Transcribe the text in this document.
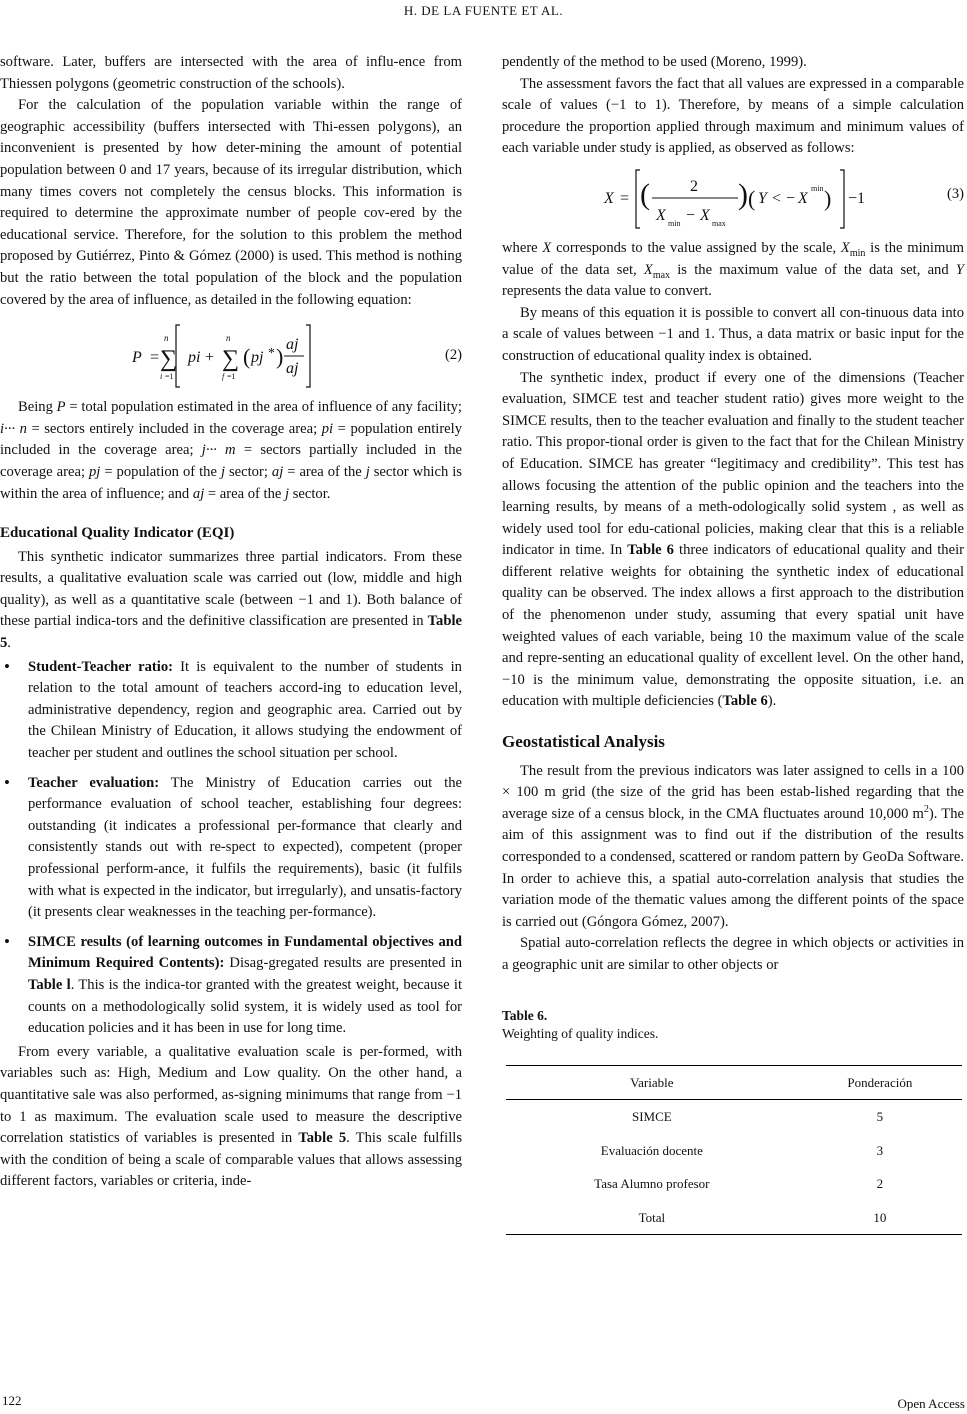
H. DE LA FUENTE ET AL.

software. Later, buffers are intersected with the area of influ-ence from Thiessen polygons (geometric construction of the schools).

For the calculation of the population variable within the range of geographic accessibility (buffers intersected with Thi-essen polygons), an inconvenient is presented by how deter-mining the amount of potential population between 0 and 17 years, because of its irregular distribution, which many times covers not completely the census blocks. This information is required to determine the approximate number of people cov-ered by the educational service. Therefore, for the solution to this problem the method proposed by Gutiérrez, Pinto & Gómez (2000) is used. This method is nothing but the ratio between the total population of the block and the population covered by the area of influence, as detailed in the following equation:

P =
n
∑
i =1
pi +
n
∑
f =1
( pj * ) aj
aj
(2)

Being P = total population estimated in the area of influence of any facility; i··· n = sectors entirely included in the coverage area; pi = population entirely included in the coverage area; j··· m = sectors partially included in the coverage area; pj = population of the j sector; aj = area of the j sector which is within the area of influence; and aj = area of the j sector.

Educational Quality Indicator (EQI)

This synthetic indicator summarizes three partial indicators. From these results, a qualitative evaluation scale was carried out (low, middle and high quality), as well as a quantitative scale (between −1 and 1). Both balance of these partial indica-tors and the definitive classification are presented in Table 5.

• Student-Teacher ratio: It is equivalent to the number of students in relation to the total amount of teachers accord-ing to education level, administrative dependency, region and geographic area. Carried out by the Chilean Ministry of Education, it allows studying the endowment of teacher per student and outlines the school situation per school.
• Teacher evaluation: The Ministry of Education carries out the performance evaluation of school teacher, establishing four degrees: outstanding (it indicates a professional per-formance that clearly and consistently stands out with re-spect to expected), competent (proper professional perform-ance, it fulfils the requirements), basic (it fulfils with what is expected in the indicator, but irregularly), and unsatis-factory (it presents clear weaknesses in the teaching per-formance).
• SIMCE results (of learning outcomes in Fundamental objectives and Minimum Required Contents): Disag-gregated results are presented in Table l. This is the indica-tor granted with the greatest weight, because it counts on a methodologically solid system, it is widely used as tool for education policies and it has been in use for long time.

From every variable, a qualitative evaluation scale is per-formed, with variables such as: High, Medium and Low quality. On the other hand, a quantitative sale was also performed, as-signing minimums that range from −1 to 1 as maximum. The evaluation scale used to measure the descriptive correlation statistics of variables is presented in Table 5. This scale fulfills with the condition of being a scale of comparable values that allows assessing different factors, variables or criteria, inde-

pendently of the method to be used (Moreno, 1999).

The assessment favors the fact that all values are expressed in a comparable scale of values (−1 to 1). Therefore, by means of a simple calculation procedure the proportion applied through maximum and minimum values of each variable under study is applied, as observed as follows:

X = (	2
X min − X max
) ( Y < − X
min ) −1	(3)

where X corresponds to the value assigned by the scale, $X_{min}$ is the minimum value of the data set, $X_{max}$ is the maximum value of the data set, and Y represents the data value to convert.

By means of this equation it is possible to convert all con-tinuous data into a scale of values between −1 and 1. Thus, a data matrix or basic input for the construction of educational quality index is obtained.

The synthetic index, product if every one of the dimensions (Teacher evaluation, SIMCE test and teacher student ratio) gives more weight to the SIMCE results, then to the teacher evaluation and finally to the student teacher ratio. This propor-tional order is given to the fact that for the Chilean Ministry of Education. SIMCE has greater “legitimacy and credibility”. This test has allows focusing the attention of the public opinion and the teachers into the learning results, by means of a meth-odologically solid system , as well as widely used tool for edu-cational policies, making clear that this is a reliable indicator in time. In Table 6 three indicators of educational quality and their different relative weights for obtaining the synthetic index of educational quality can be observed. The index allows a first approach to the distribution of the phenomenon under study, assuming that every spatial unit have weighted values of each variable, being 10 the maximum value of the scale and repre-senting an educational quality of excellent level. On the other hand, −10 is the minimum value, demonstrating the opposite situation, i.e. an education with multiple deficiencies (Table 6).

Geostatistical Analysis

The result from the previous indicators was later assigned to cells in a 100 × 100 m grid (the size of the grid has been estab-lished regarding that the average size of a census block, in the CMA fluctuates around 10,000 $m^2$). The aim of this assignment was to find out if the distribution of the results corresponded to a condensed, scattered or random pattern by GeoDa Software. In order to achieve this, a spatial auto-correlation analysis that studies the variation mode of the thematic values among the different points of the space is carried out (Góngora Gómez, 2007).

Spatial auto-correlation reflects the degree in which objects or activities in a geographic unit are similar to other objects or

Table 6.

Weighting of quality indices.

Variable	Ponderación
SIMCE	5
Evaluación docente	3
Tasa Alumno profesor	2
Total	10
122	Open Access
